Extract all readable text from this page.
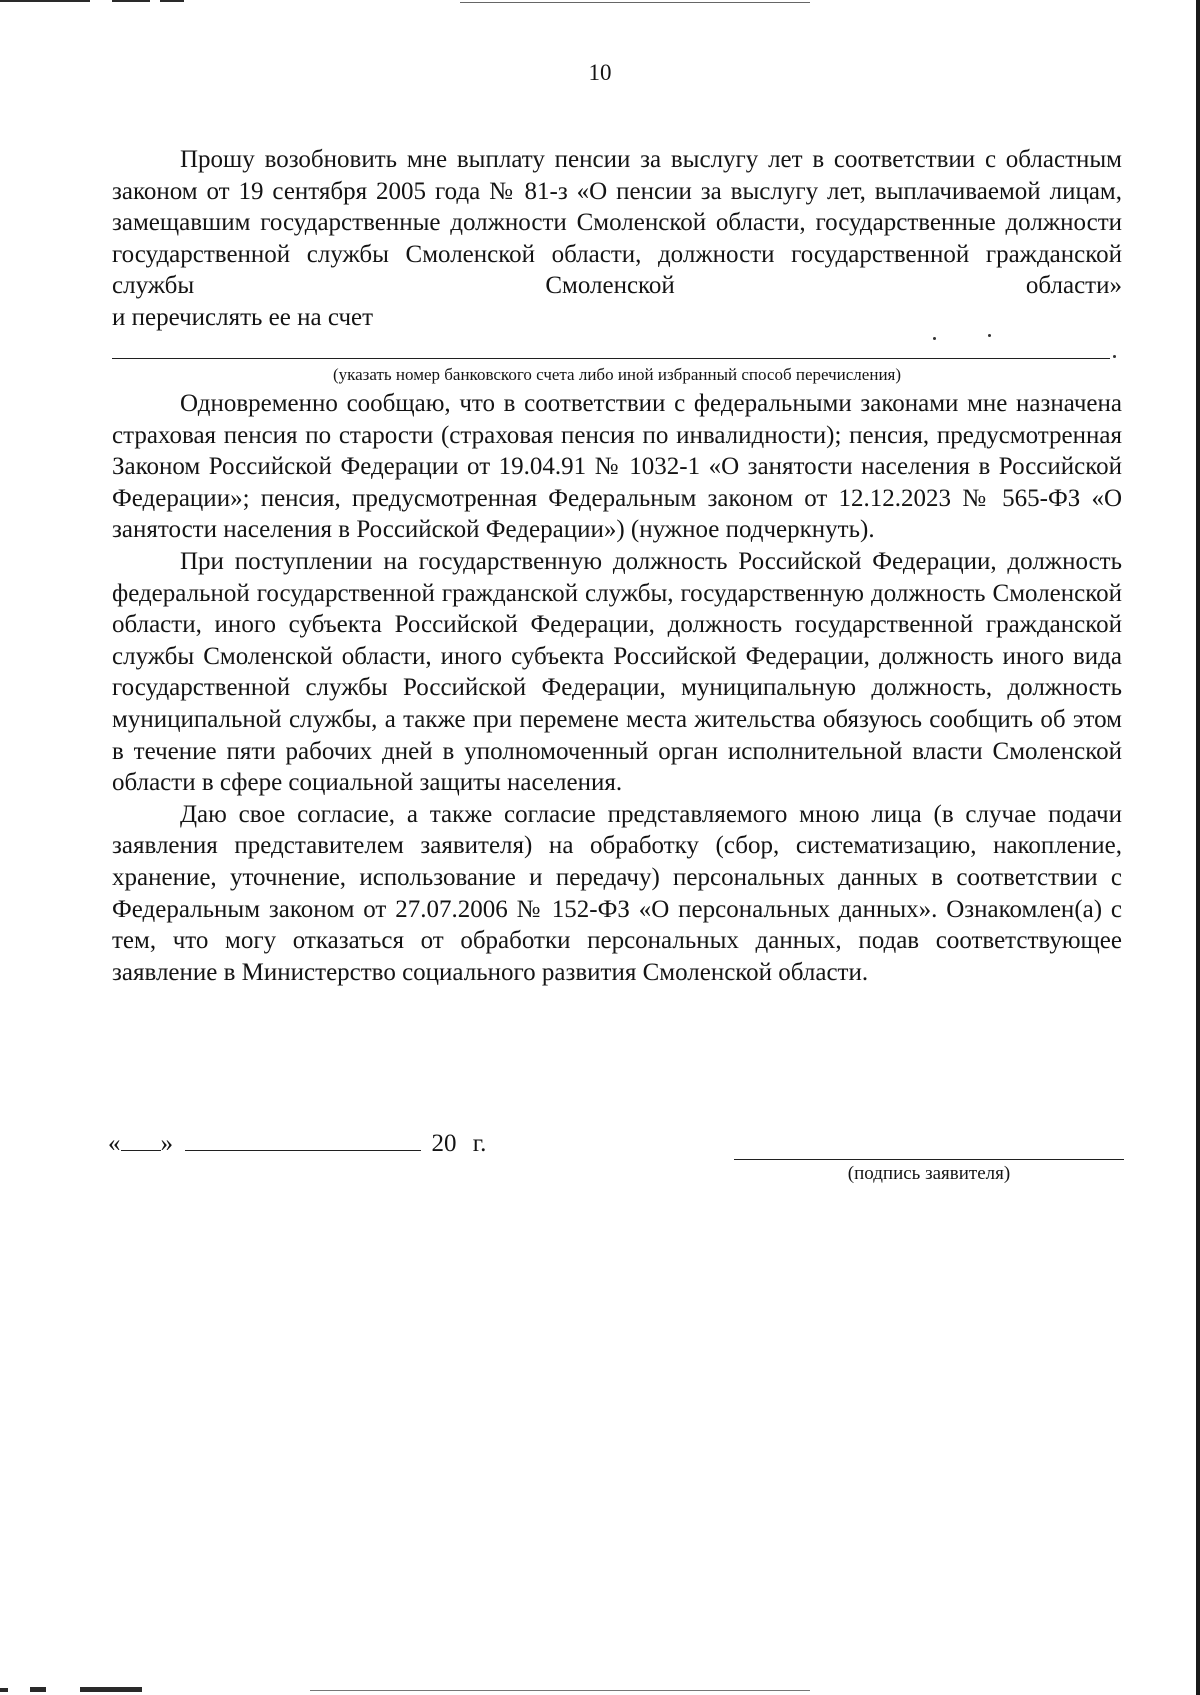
10

Прошу возобновить мне выплату пенсии за выслугу лет в соответствии с областным законом от 19 сентября 2005 года № 81-з «О пенсии за выслугу лет, выплачиваемой лицам, замещавшим государственные должности Смоленской области, государственные должности государственной службы Смоленской области, должности государственной гражданской службы Смоленской области»

и перечислять ее на счет

(указать номер банковского счета либо иной избранный способ перечисления)

Одновременно сообщаю, что в соответствии с федеральными законами мне назначена страховая пенсия по старости (страховая пенсия по инвалидности); пенсия, предусмотренная Законом Российской Федерации от 19.04.91 № 1032-1 «О занятости населения в Российской Федерации»; пенсия, предусмотренная Федеральным законом от 12.12.2023 № 565-ФЗ «О занятости населения в Российской Федерации») (нужное подчеркнуть).

При поступлении на государственную должность Российской Федерации, должность федеральной государственной гражданской службы, государственную должность Смоленской области, иного субъекта Российской Федерации, должность государственной гражданской службы Смоленской области, иного субъекта Российской Федерации, должность иного вида государственной службы Российской Федерации, муниципальную должность, должность муниципальной службы, а также при перемене места жительства обязуюсь сообщить об этом в течение пяти рабочих дней в уполномоченный орган исполнительной власти Смоленской области в сфере социальной защиты населения.

Даю свое согласие, а также согласие представляемого мною лица (в случае подачи заявления представителем заявителя) на обработку (сбор, систематизацию, накопление, хранение, уточнение, использование и передачу) персональных данных в соответствии с Федеральным законом от 27.07.2006 № 152-ФЗ «О персональных данных». Ознакомлен(а) с тем, что могу отказаться от обработки персональных данных, подав соответствующее заявление в Министерство социального развития Смоленской области.

« »	20 г.
(подпись заявителя)
